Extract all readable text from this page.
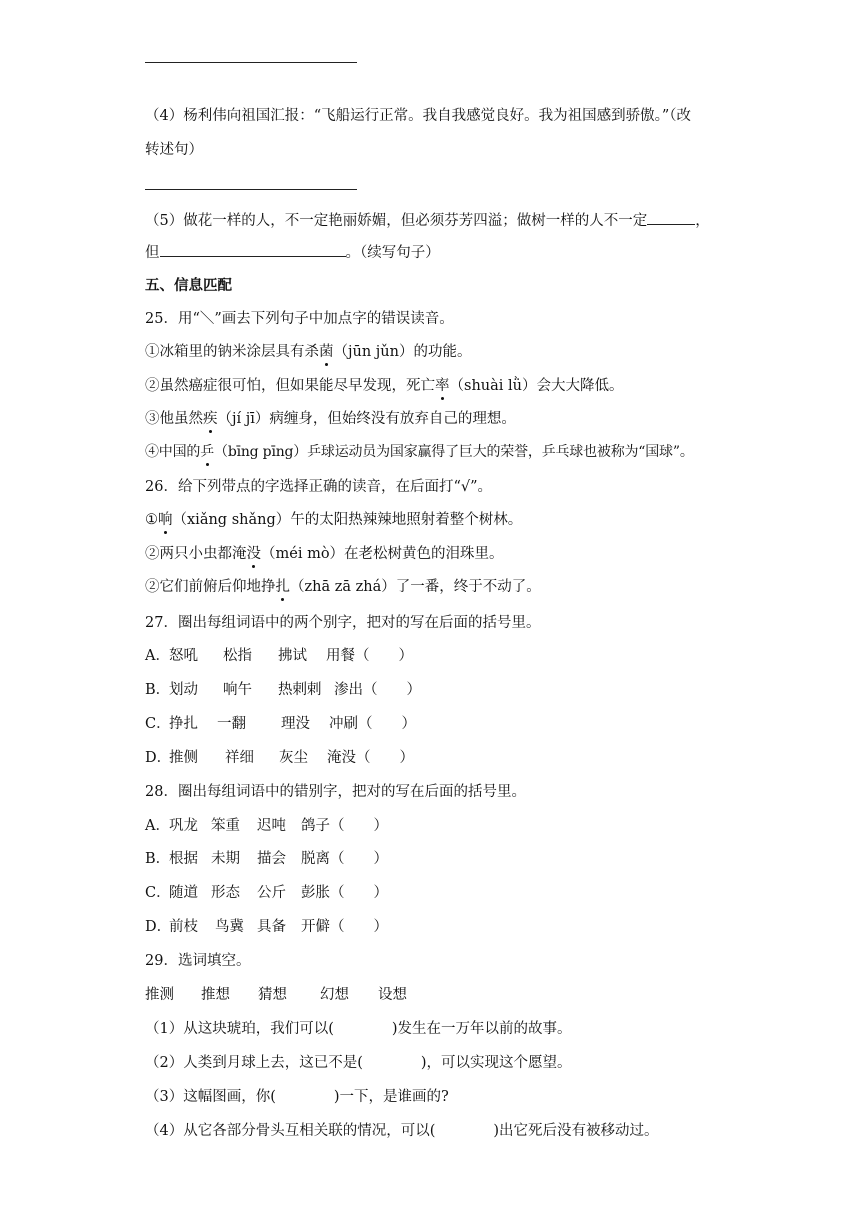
（4）杨利伟向祖国汇报：“飞船运行正常。我自我感觉良好。我为祖国感到骄傲。”（改
转述句）
（5）做花一样的人，不一定艳丽娇媚，但必须芬芳四溢；做树一样的人不一定	，
但	。（续写句子）
五、信息匹配
25．用“＼”画去下列句子中加点字的错误读音。
①冰箱里的钠米涂层具有杀菌（jūn jǔn）的功能。
②虽然癌症很可怕，但如果能尽早发现，死亡率（shuài lǜ）会大大降低。
③他虽然疾（jí jī）病缠身，但始终没有放弃自己的理想。
④中国的乒（bīng pīng）乒球运动员为国家赢得了巨大的荣誉，乒乓球也被称为“国球”。
26．给下列带点的字选择正确的读音，在后面打“√”。
①响（xiǎng shǎng）午的太阳热辣辣地照射着整个树林。
②两只小虫都淹没（méi mò）在老松树黄色的泪珠里。
②它们前俯后仰地挣扎（zhā zā zhá）了一番，终于不动了。
27．圈出每组词语中的两个别字，把对的写在后面的括号里。
A．怒吼 松指 拂试 用餐（　　）
B．划动 响午 热剌剌 渗出（　　）
C．挣扎 一翻 理没 冲刷（　　）
D．推侧 祥细 灰尘 淹没（　　）
28．圈出每组词语中的错别字，把对的写在后面的括号里。
A．巩龙 笨重 迟吨 鸽子（　　）
B．根据 未期 描会 脱离（　　）
C．随道 形态 公斤 彭胀（　　）
D．前枝 鸟冀 具备 开僻（　　）
29．选词填空。
推测 推想 猜想 幻想 设想
（1）从这块琥珀，我们可以(	)发生在一万年以前的故事。
（2）人类到月球上去，这已不是(	)，可以实现这个愿望。
（3）这幅图画，你(	)一下，是谁画的?
（4）从它各部分骨头互相关联的情况，可以(	)出它死后没有被移动过。
